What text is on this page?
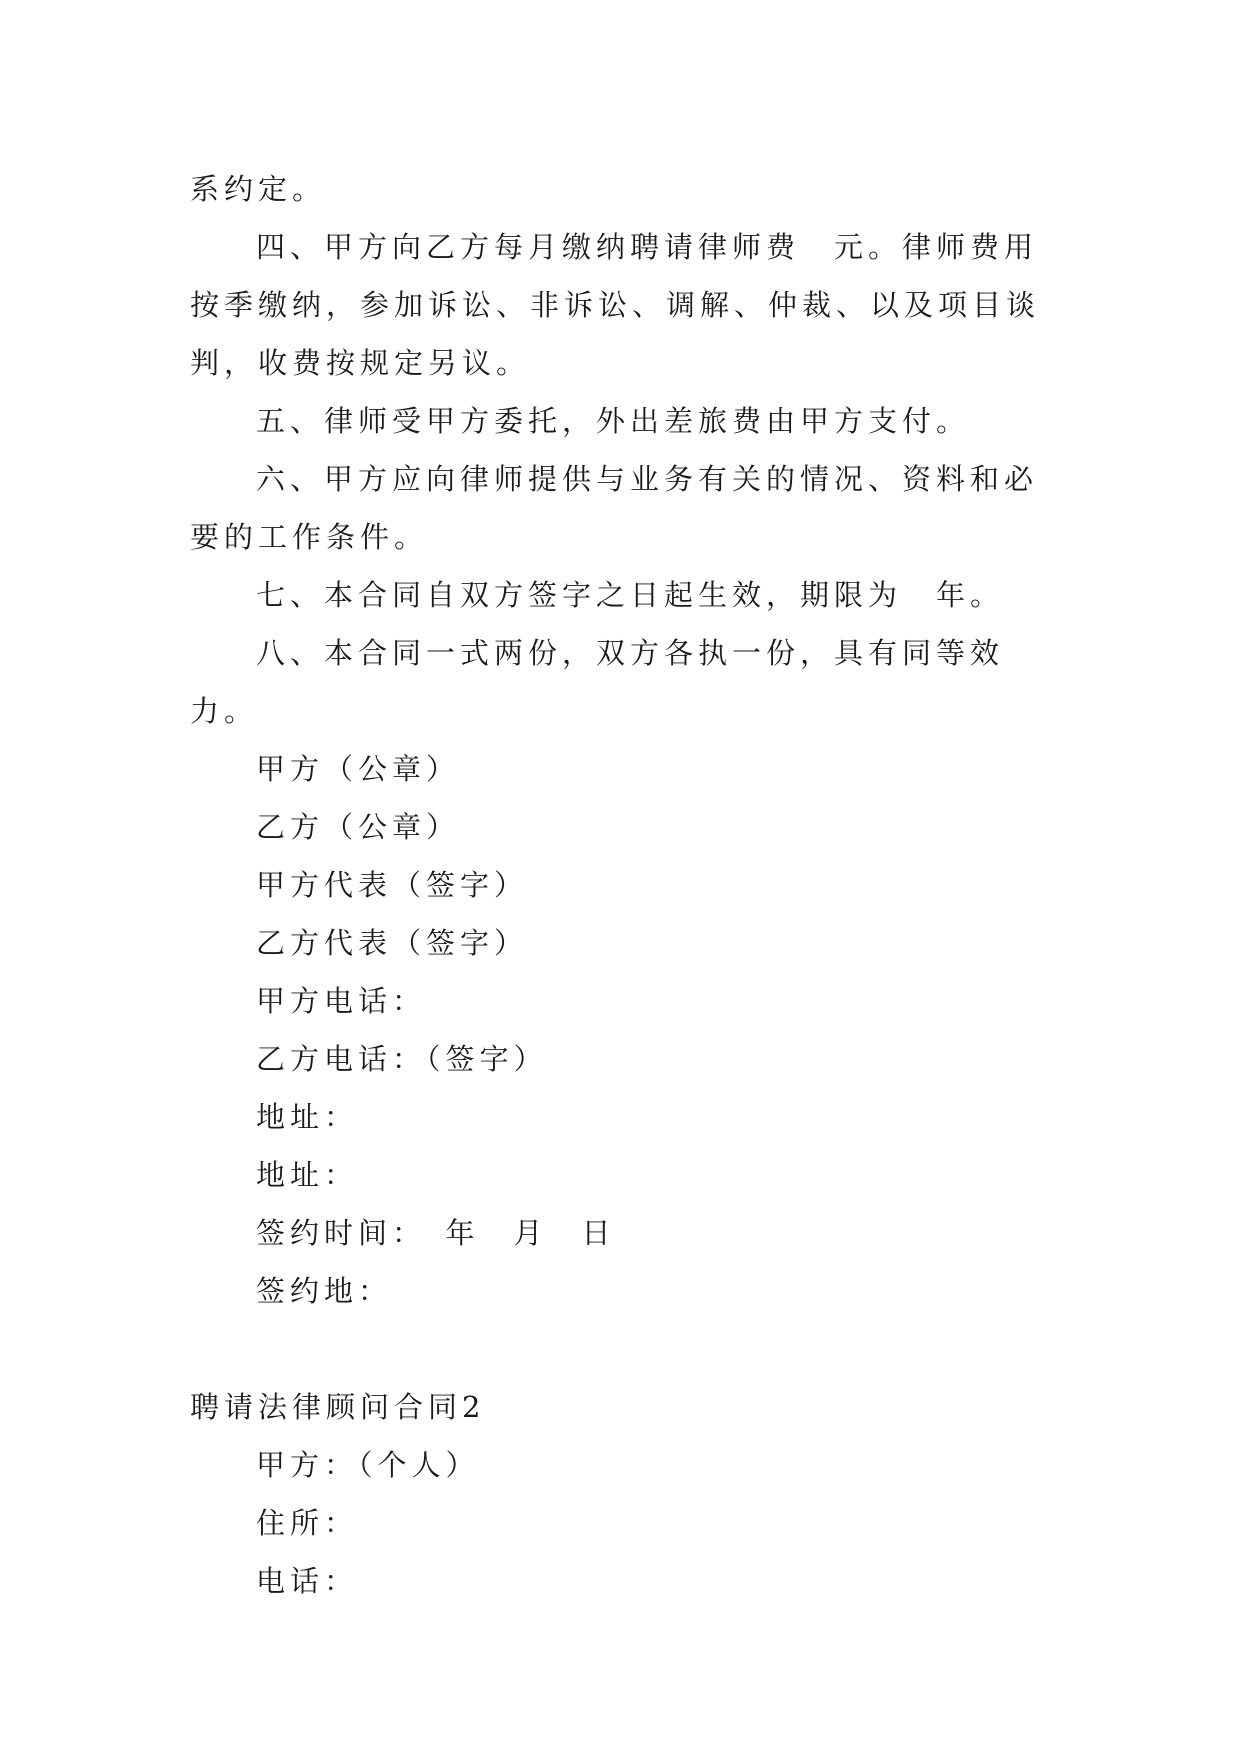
系约定。

四、甲方向乙方每月缴纳聘请律师费　元。律师费用按季缴纳，参加诉讼、非诉讼、调解、仲裁、以及项目谈判，收费按规定另议。

五、律师受甲方委托，外出差旅费由甲方支付。

六、甲方应向律师提供与业务有关的情况、资料和必要的工作条件。

七、本合同自双方签字之日起生效，期限为　年。

八、本合同一式两份，双方各执一份，具有同等效力。

甲方（公章）

乙方（公章）

甲方代表（签字）

乙方代表（签字）

甲方电话：

乙方电话：（签字）

地址：

地址：

签约时间：　年　月　日

签约地：

聘请法律顾问合同2

甲方：（个人）

住所：

电话：
